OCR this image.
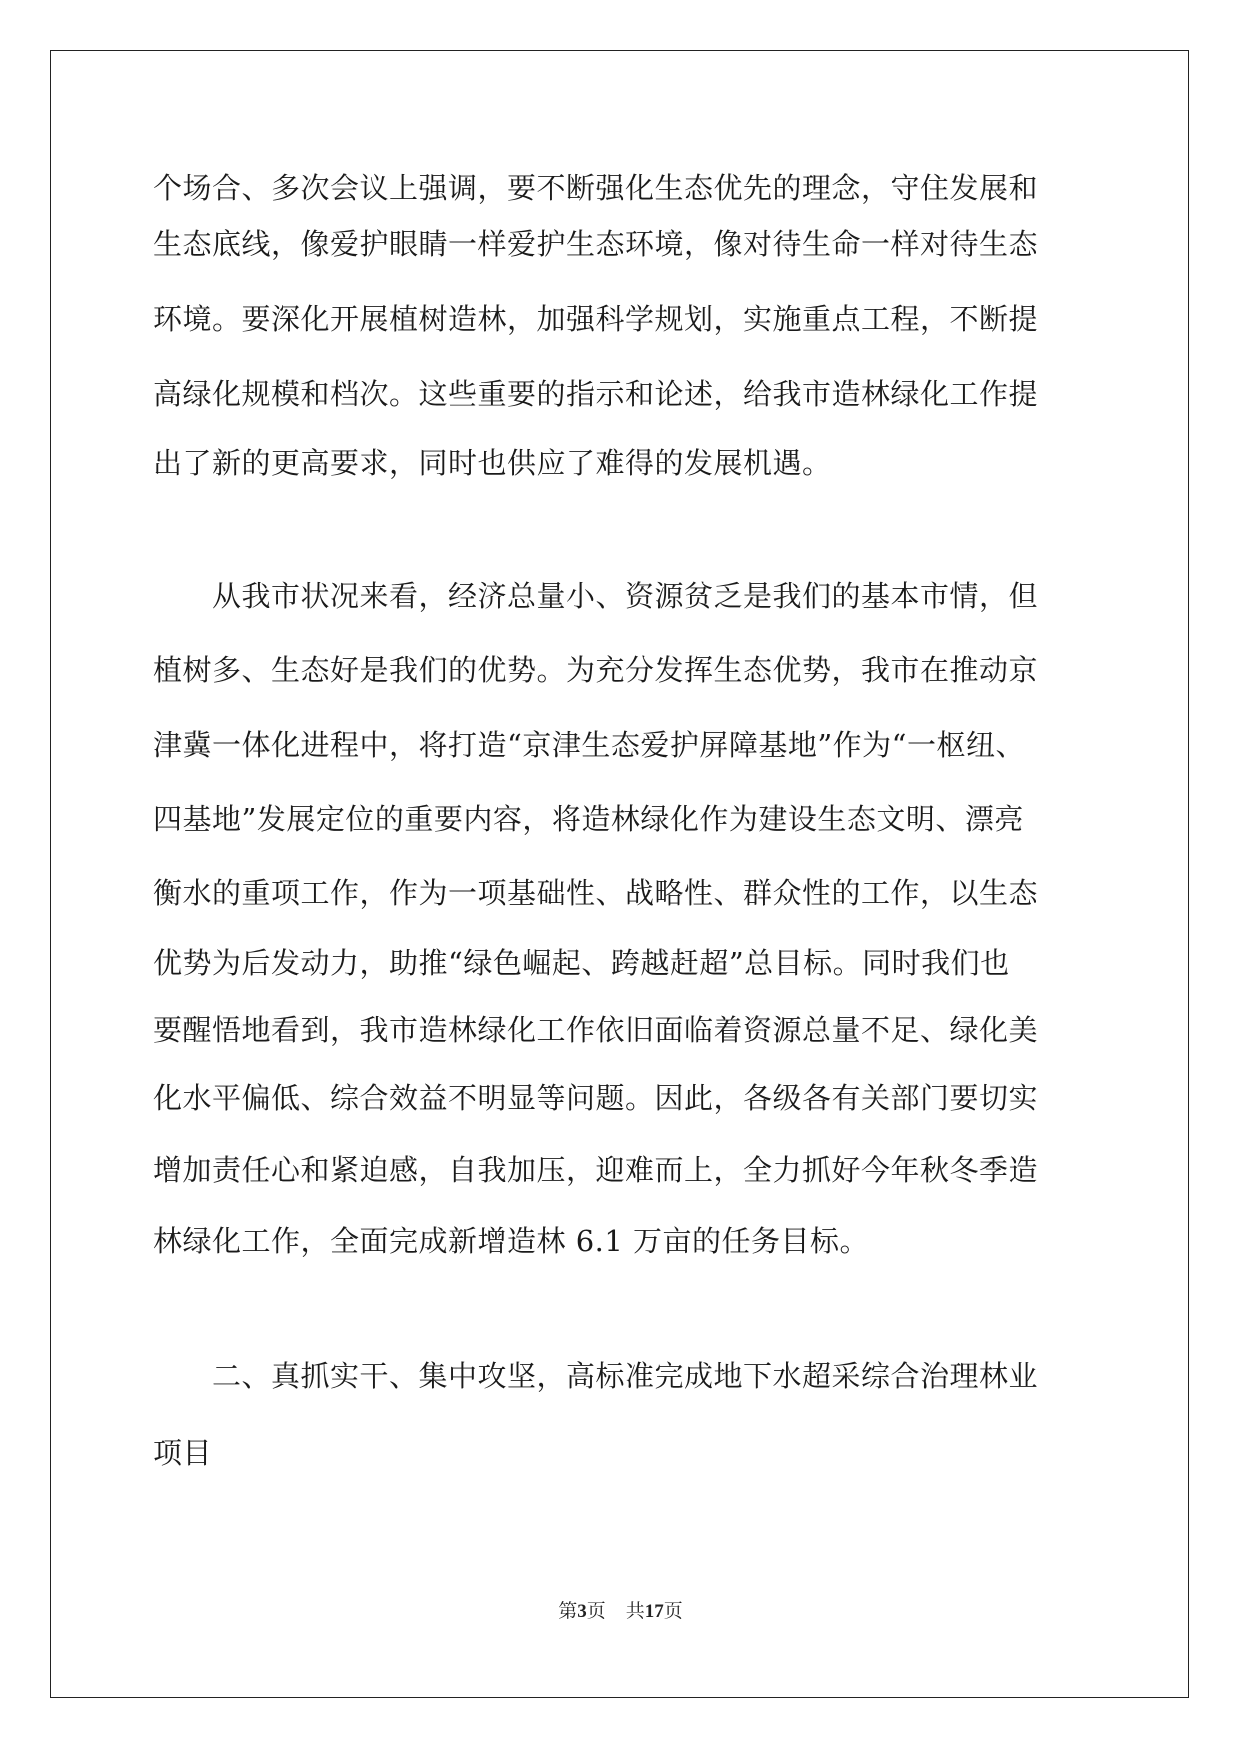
个场合、多次会议上强调，要不断强化生态优先的理念，守住发展和
生态底线，像爱护眼睛一样爱护生态环境，像对待生命一样对待生态
环境。要深化开展植树造林，加强科学规划，实施重点工程，不断提
高绿化规模和档次。这些重要的指示和论述，给我市造林绿化工作提
出了新的更高要求，同时也供应了难得的发展机遇。
　　从我市状况来看，经济总量小、资源贫乏是我们的基本市情，但
植树多、生态好是我们的优势。为充分发挥生态优势，我市在推动京
津冀一体化进程中，将打造“京津生态爱护屏障基地”作为“一枢纽、
四基地”发展定位的重要内容，将造林绿化作为建设生态文明、漂亮
衡水的重项工作，作为一项基础性、战略性、群众性的工作，以生态
优势为后发动力，助推“绿色崛起、跨越赶超”总目标。同时我们也
要醒悟地看到，我市造林绿化工作依旧面临着资源总量不足、绿化美
化水平偏低、综合效益不明显等问题。因此，各级各有关部门要切实
增加责任心和紧迫感，自我加压，迎难而上，全力抓好今年秋冬季造
林绿化工作，全面完成新增造林 6.1 万亩的任务目标。
　　二、真抓实干、集中攻坚，高标准完成地下水超采综合治理林业
项目
第3页 共17页
